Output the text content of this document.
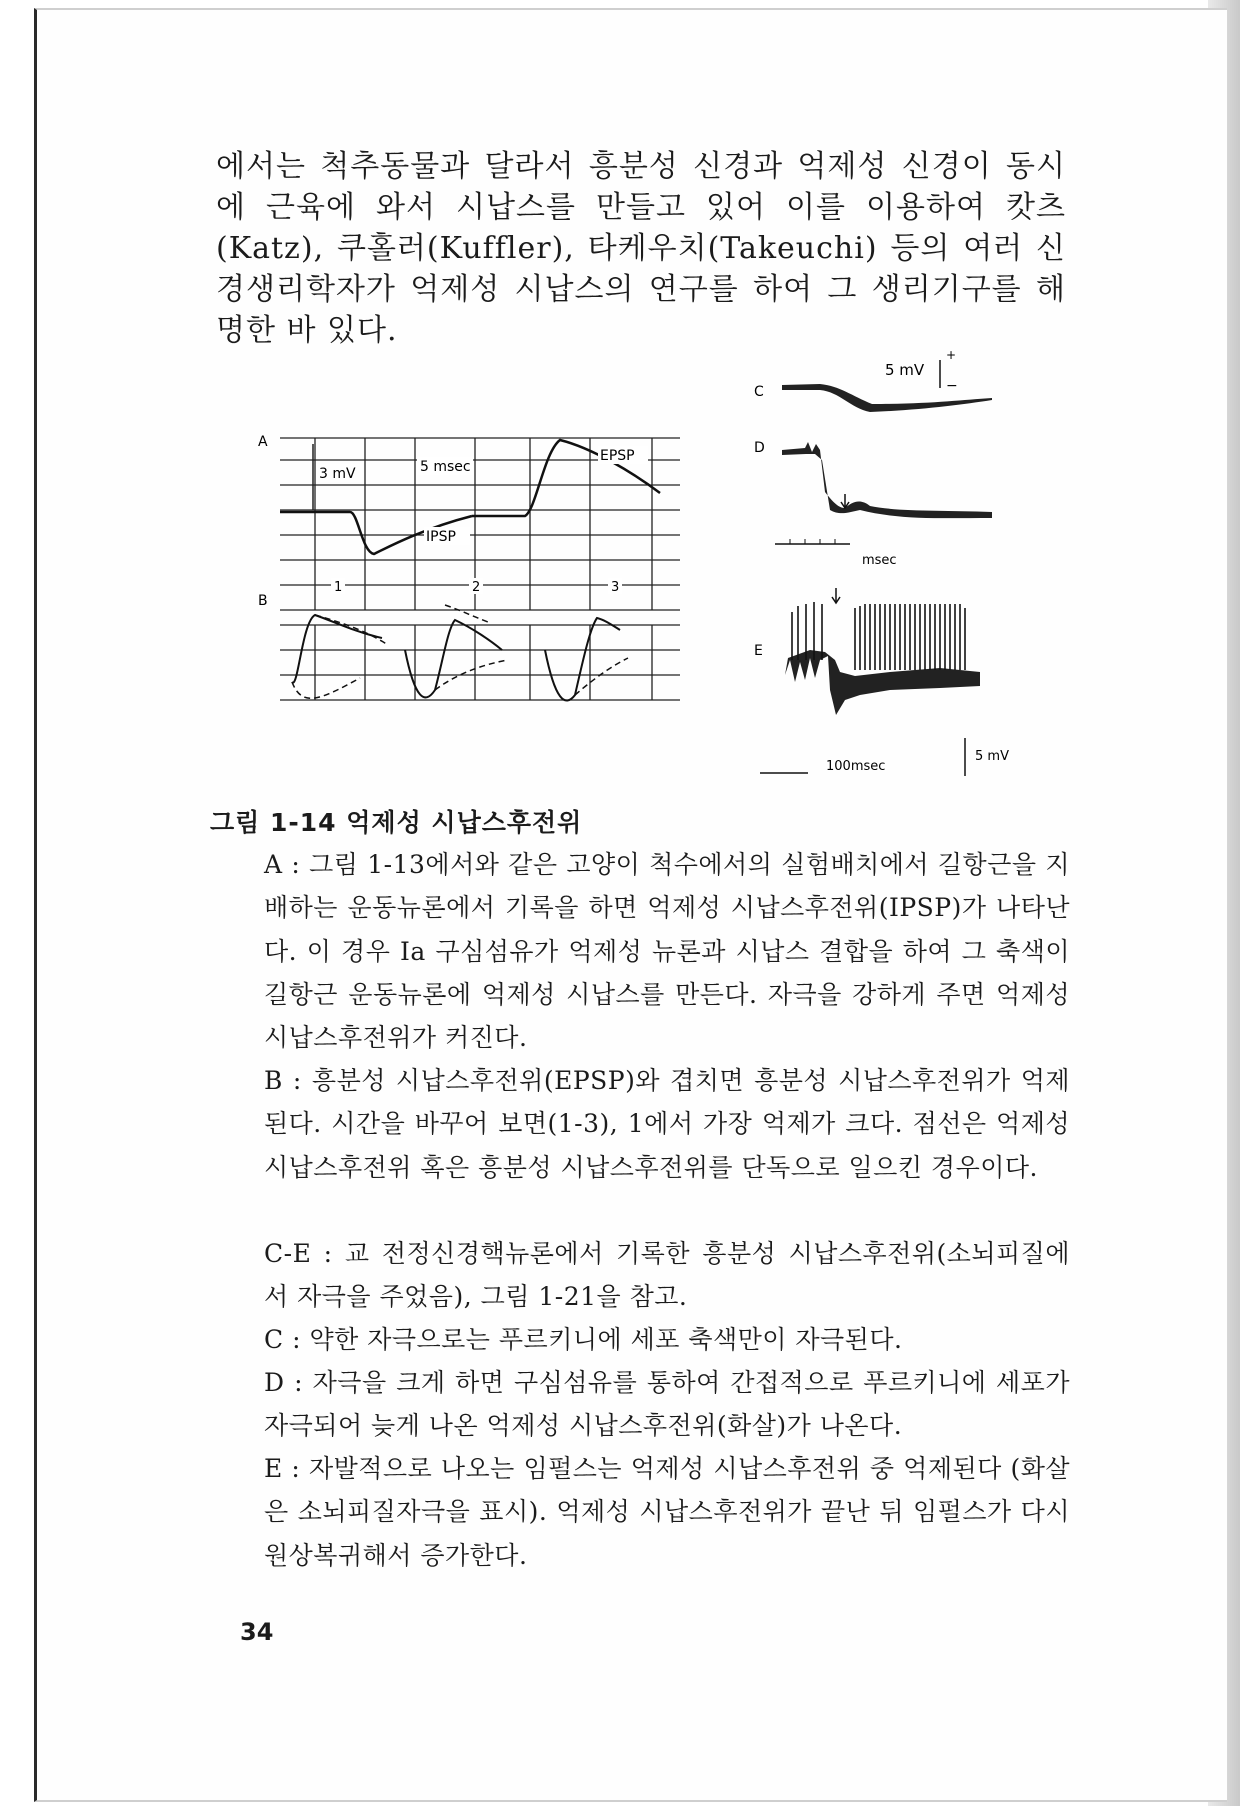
에서는 척추동물과 달라서 흥분성 신경과 억제성 신경이 동시에 근육에 와서 시납스를 만들고 있어 이를 이용하여 캇츠(Katz), 쿠홀러(Kuffler), 타케우치(Takeuchi) 등의 여러 신경생리학자가 억제성 시납스의 연구를 하여 그 생리기구를 해명한 바 있다.

A
3 mV	5 msec
IPSP
EPSP
B
1	2	3
C
5 mV
+
−
D
msec
E
100msec
5 mV

그림 1-14 억제성 시납스후전위

A : 그림 1-13에서와 같은 고양이 척수에서의 실험배치에서 길항근을 지배하는 운동뉴론에서 기록을 하면 억제성 시납스후전위(IPSP)가 나타난다. 이 경우 Ia 구심섬유가 억제성 뉴론과 시납스 결합을 하여 그 축색이 길항근 운동뉴론에 억제성 시납스를 만든다. 자극을 강하게 주면 억제성 시납스후전위가 커진다.

B : 흥분성 시납스후전위(EPSP)와 겹치면 흥분성 시납스후전위가 억제된다. 시간을 바꾸어 보면(1-3), 1에서 가장 억제가 크다. 점선은 억제성 시납스후전위 혹은 흥분성 시납스후전위를 단독으로 일으킨 경우이다.

C-E : 교 전정신경핵뉴론에서 기록한 흥분성 시납스후전위(소뇌피질에서 자극을 주었음), 그림 1-21을 참고.

C : 약한 자극으로는 푸르키니에 세포 축색만이 자극된다.

D : 자극을 크게 하면 구심섬유를 통하여 간접적으로 푸르키니에 세포가 자극되어 늦게 나온 억제성 시납스후전위(화살)가 나온다.

E : 자발적으로 나오는 임펄스는 억제성 시납스후전위 중 억제된다 (화살은 소뇌피질자극을 표시). 억제성 시납스후전위가 끝난 뒤 임펄스가 다시 원상복귀해서 증가한다.

34
